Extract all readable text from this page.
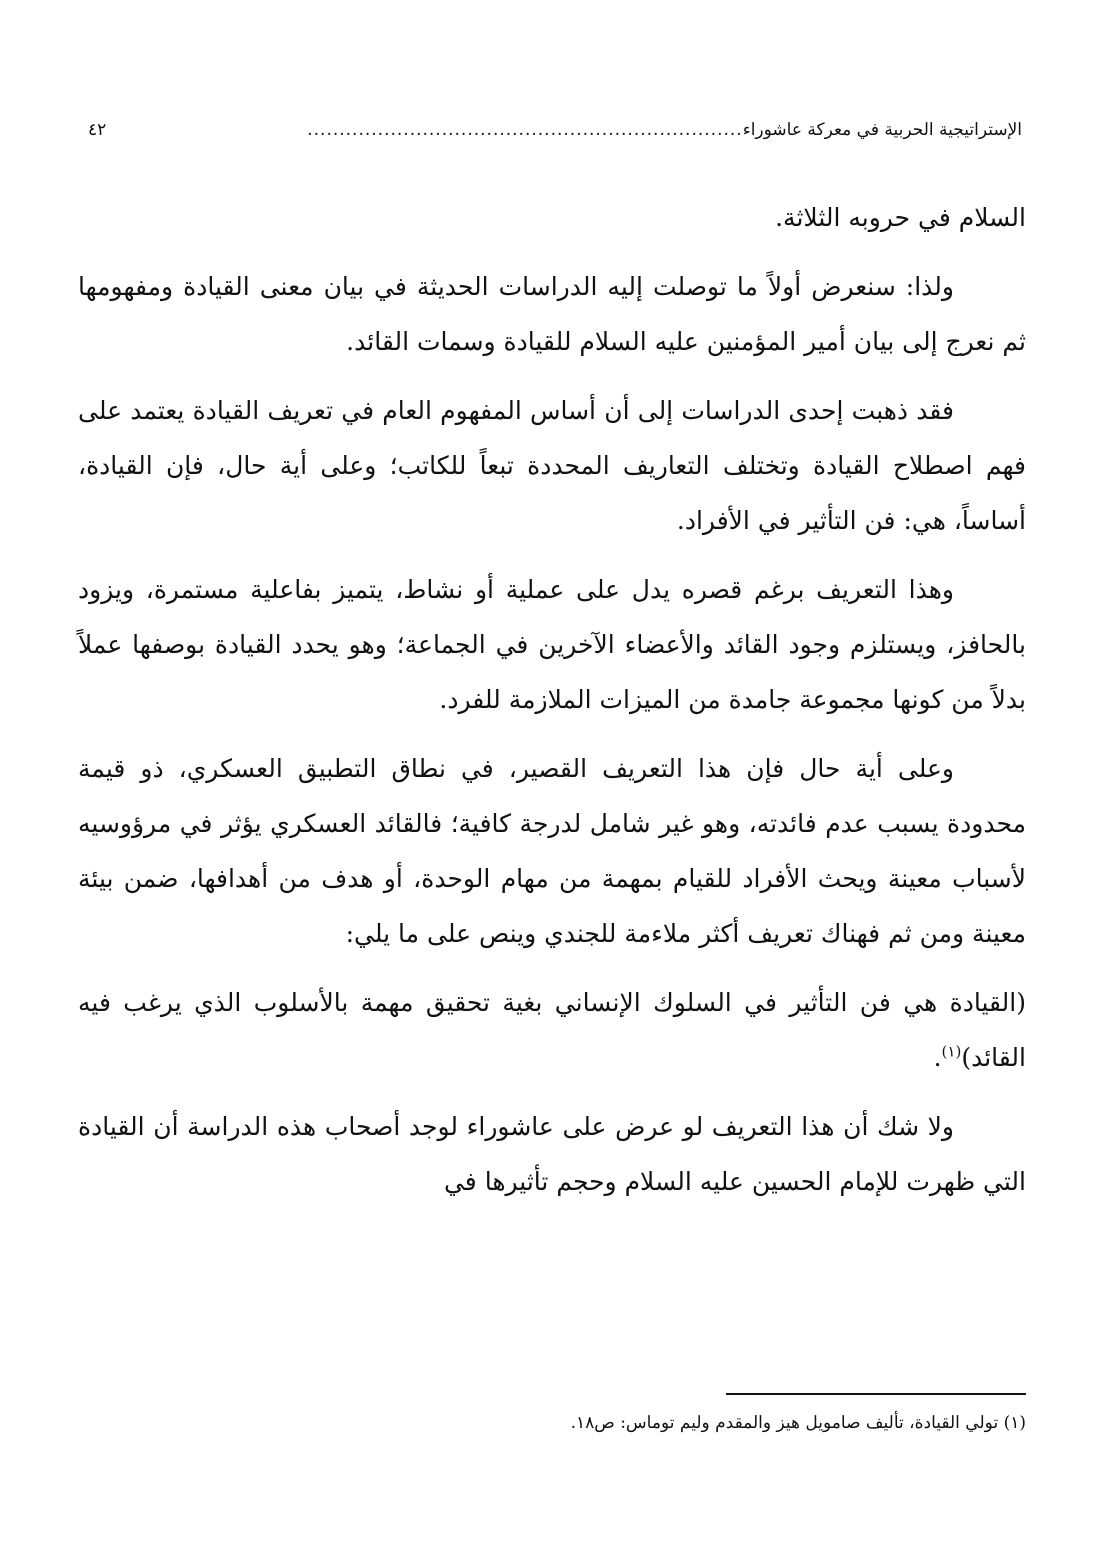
الإستراتيجية الحربية في معركة عاشوراء
....................................................................
٤٢

السلام في حروبه الثلاثة.

ولذا: سنعرض أولاً ما توصلت إليه الدراسات الحديثة في بيان معنى القيادة ومفهومها ثم نعرج إلى بيان أمير المؤمنين عليه السلام للقيادة وسمات القائد.

فقد ذهبت إحدى الدراسات إلى أن أساس المفهوم العام في تعريف القيادة يعتمد على فهم اصطلاح القيادة وتختلف التعاريف المحددة تبعاً للكاتب؛ وعلى أية حال، فإن القيادة، أساساً، هي: فن التأثير في الأفراد.

وهذا التعريف برغم قصره يدل على عملية أو نشاط، يتميز بفاعلية مستمرة، ويزود بالحافز، ويستلزم وجود القائد والأعضاء الآخرين في الجماعة؛ وهو يحدد القيادة بوصفها عملاً بدلاً من كونها مجموعة جامدة من الميزات الملازمة للفرد.

وعلى أية حال فإن هذا التعريف القصير، في نطاق التطبيق العسكري، ذو قيمة محدودة يسبب عدم فائدته، وهو غير شامل لدرجة كافية؛ فالقائد العسكري يؤثر في مرؤوسيه لأسباب معينة ويحث الأفراد للقيام بمهمة من مهام الوحدة، أو هدف من أهدافها، ضمن بيئة معينة ومن ثم فهناك تعريف أكثر ملاءمة للجندي وينص على ما يلي:

(القيادة هي فن التأثير في السلوك الإنساني بغية تحقيق مهمة بالأسلوب الذي يرغب فيه القائد)$^{(١)}$.

ولا شك أن هذا التعريف لو عرض على عاشوراء لوجد أصحاب هذه الدراسة أن القيادة التي ظهرت للإمام الحسين عليه السلام وحجم تأثيرها في

(١) تولي القيادة، تأليف صامويل هيز والمقدم وليم توماس: ص١٨.
